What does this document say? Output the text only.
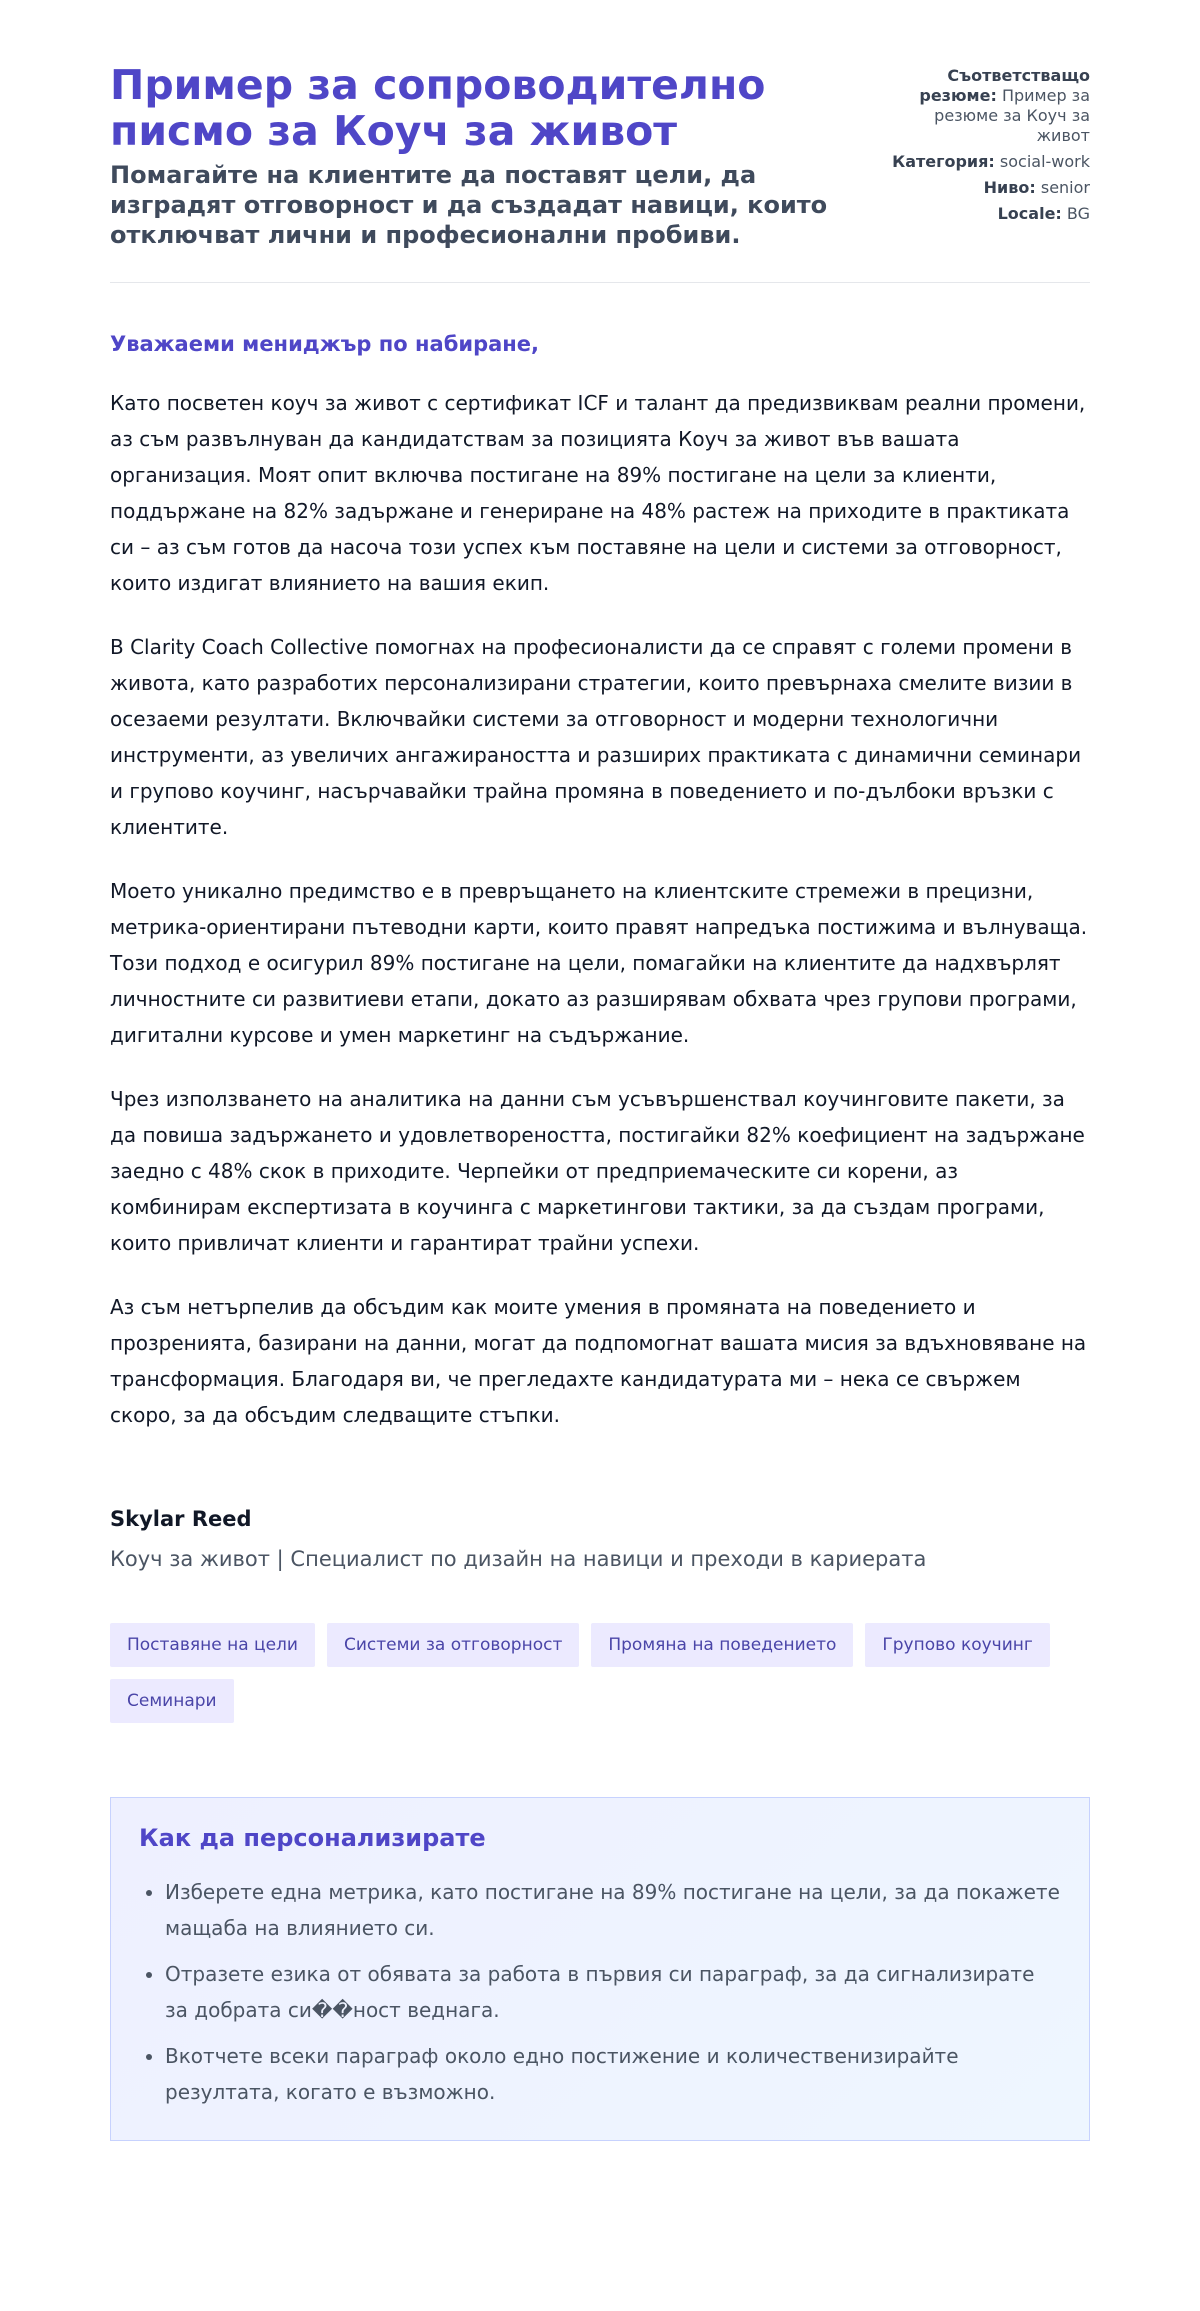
Пример за сопроводително писмо за Коуч за живот
Помагайте на клиентите да поставят цели, да изградят отговорност и да създадат навици, които отключват лични и професионални пробиви.
Съответстващо резюме: Пример за резюме за Коуч за живот
Категория: social-work
Ниво: senior
Locale: BG
Уважаеми мениджър по набиране,

Като посветен коуч за живот с сертификат ICF и талант да предизвиквам реални промени, аз съм развълнуван да кандидатствам за позицията Коуч за живот във вашата организация. Моят опит включва постигане на 89% постигане на цели за клиенти, поддържане на 82% задържане и генериране на 48% растеж на приходите в практиката си – аз съм готов да насоча този успех към поставяне на цели и системи за отговорност, които издигат влиянието на вашия екип.

В Clarity Coach Collective помогнах на професионалисти да се справят с големи промени в живота, като разработих персонализирани стратегии, които превърнаха смелите визии в осезаеми резултати. Включвайки системи за отговорност и модерни технологични инструменти, аз увеличих ангажираността и разширих практиката с динамични семинари и групово коучинг, насърчавайки трайна промяна в поведението и по-дълбоки връзки с клиентите.

Моето уникално предимство е в превръщането на клиентските стремежи в прецизни, метрика-ориентирани пътеводни карти, които правят напредъка постижима и вълнуваща. Този подход е осигурил 89% постигане на цели, помагайки на клиентите да надхвърлят личностните си развитиеви етапи, докато аз разширявам обхвата чрез групови програми, дигитални курсове и умен маркетинг на съдържание.

Чрез използването на аналитика на данни съм усъвършенствал коучинговите пакети, за да повиша задържането и удовлетвореността, постигайки 82% коефициент на задържане заедно с 48% скок в приходите. Черпейки от предприемаческите си корени, аз комбинирам експертизата в коучинга с маркетингови тактики, за да създам програми, които привличат клиенти и гарантират трайни успехи.

Аз съм нетърпелив да обсъдим как моите умения в промяната на поведението и прозренията, базирани на данни, могат да подпомогнат вашата мисия за вдъхновяване на трансформация. Благодаря ви, че прегледахте кандидатурата ми – нека се свържем скоро, за да обсъдим следващите стъпки.

Skylar Reed
Коуч за живот | Специалист по дизайн на навици и преходи в кариерата
Поставяне на цели	Системи за отговорност	Промяна на поведението	Групово коучинг
Семинари
Как да персонализирате
• Изберете една метрика, като постигане на 89% постигане на цели, за да покажете мащаба на влиянието си.
• Отразете езика от обявата за работа в първия си параграф, за да сигнализирате за добрата си��ност веднага.
• Вкотчете всеки параграф около едно постижение и количественизирайте резултата, когато е възможно.
